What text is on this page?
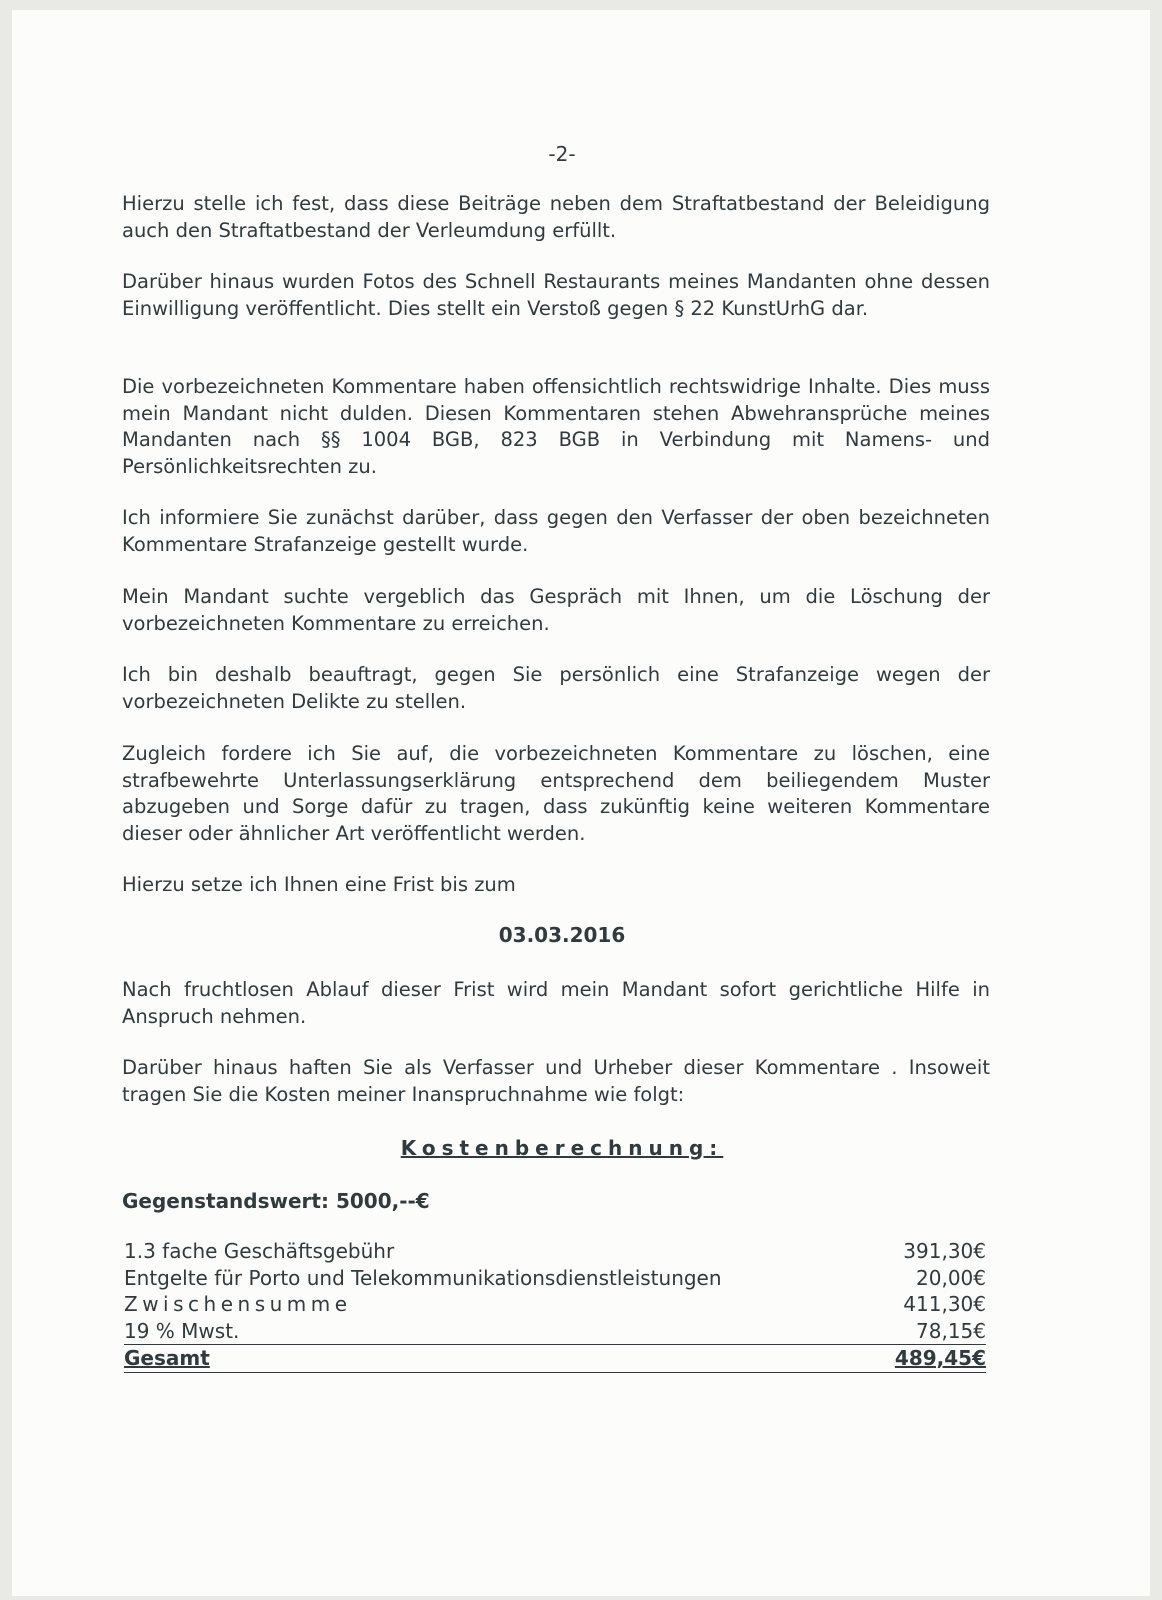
-2-

Hierzu stelle ich fest, dass diese Beiträge neben dem Straftatbestand der Beleidigung auch den Straftatbestand der Verleumdung erfüllt.

Darüber hinaus wurden Fotos des Schnell Restaurants meines Mandanten ohne dessen Einwilligung veröffentlicht. Dies stellt ein Verstoß gegen § 22 KunstUrhG dar.

Die vorbezeichneten Kommentare haben offensichtlich rechtswidrige Inhalte. Dies muss mein Mandant nicht dulden. Diesen Kommentaren stehen Abwehransprüche meines Mandanten nach §§ 1004 BGB, 823 BGB in Verbindung mit Namens- und Persönlichkeitsrechten zu.

Ich informiere Sie zunächst darüber, dass gegen den Verfasser der oben bezeichneten Kommentare Strafanzeige gestellt wurde.

Mein Mandant suchte vergeblich das Gespräch mit Ihnen, um die Löschung der vorbezeichneten Kommentare zu erreichen.

Ich bin deshalb beauftragt, gegen Sie persönlich eine Strafanzeige wegen der vorbezeichneten Delikte zu stellen.

Zugleich fordere ich Sie auf, die vorbezeichneten Kommentare zu löschen, eine strafbewehrte Unterlassungserklärung entsprechend dem beiliegendem Muster abzugeben und Sorge dafür zu tragen, dass zukünftig keine weiteren Kommentare dieser oder ähnlicher Art veröffentlicht werden.

Hierzu setze ich Ihnen eine Frist bis zum

03.03.2016

Nach fruchtlosen Ablauf dieser Frist wird mein Mandant sofort gerichtliche Hilfe in Anspruch nehmen.

Darüber hinaus haften Sie als Verfasser und Urheber dieser Kommentare . Insoweit tragen Sie die Kosten meiner Inanspruchnahme wie folgt:

Kostenberechnung:
Gegenstandswert: 5000,--€
1.3 fache Geschäftsgebühr	391,30€
Entgelte für Porto und Telekommunikationsdienstleistungen	20,00€
Zwischensumme	411,30€
19 % Mwst.	78,15€
Gesamt	489,45€
